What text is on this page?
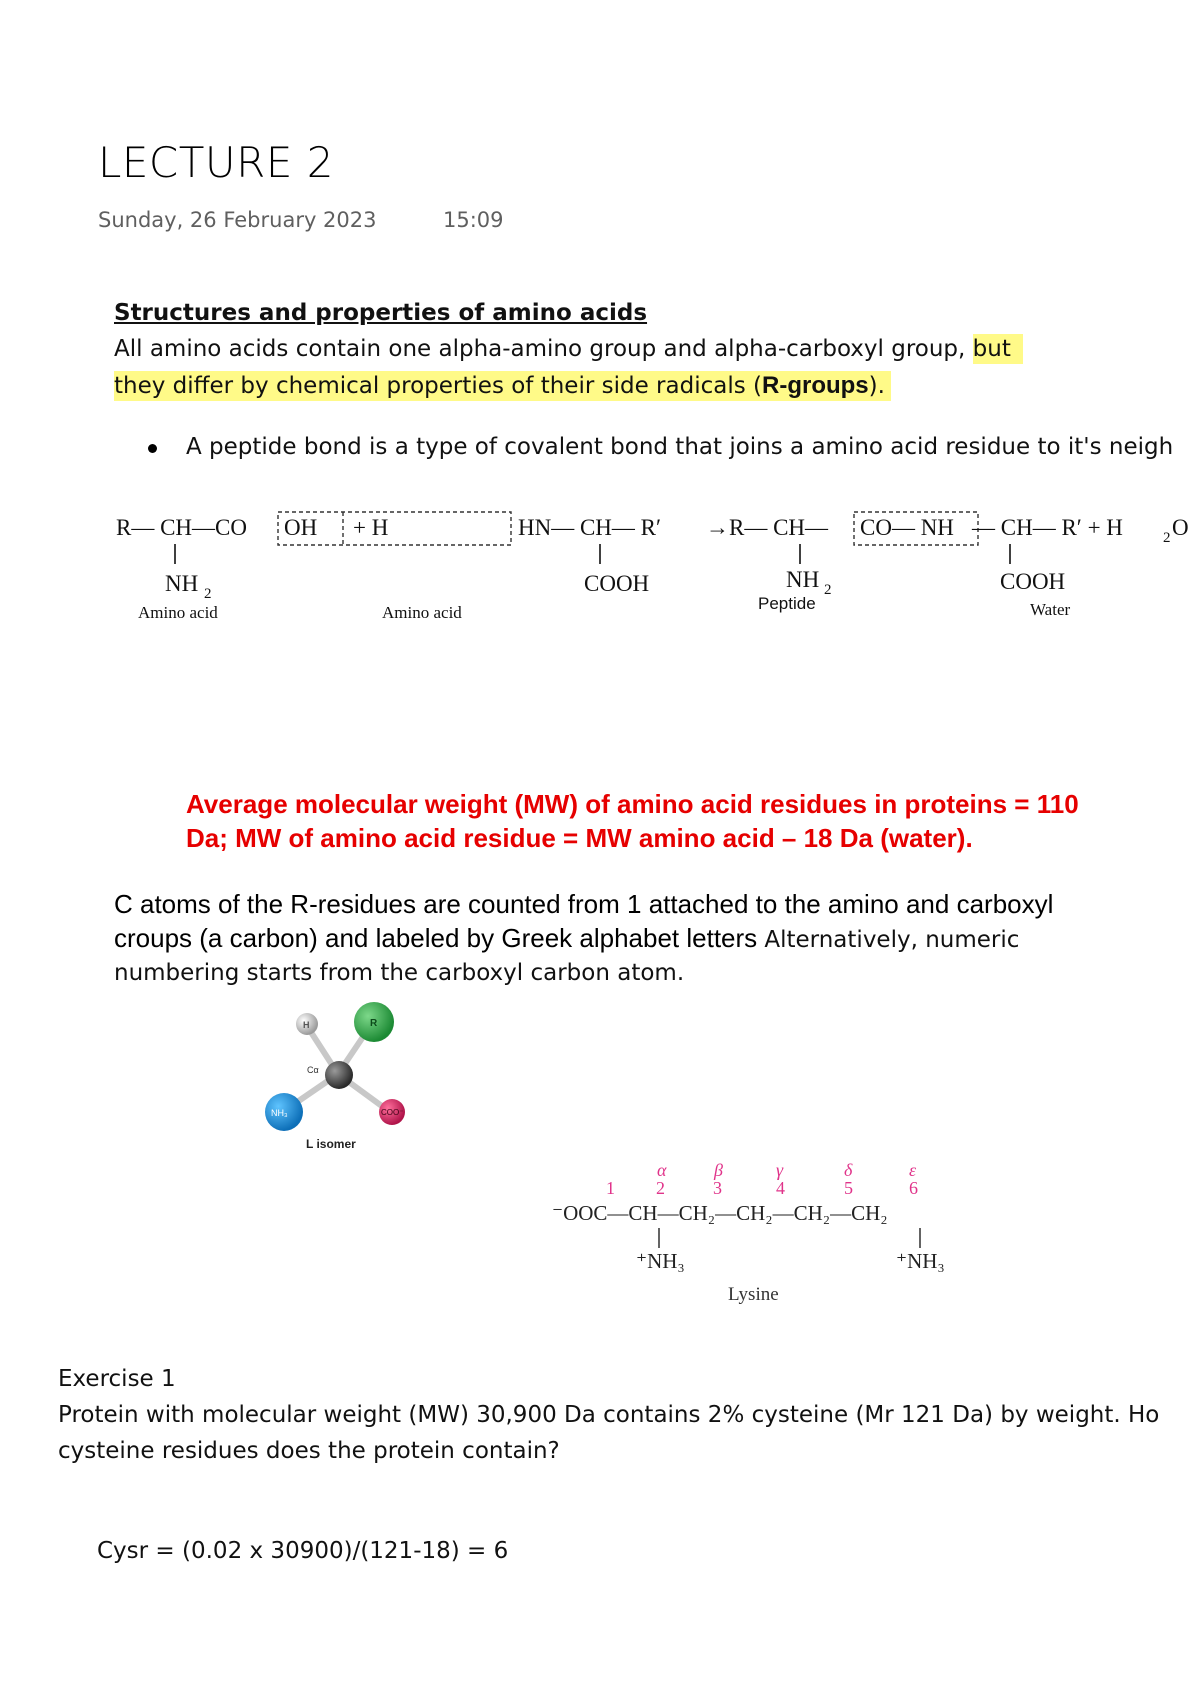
LECTURE 2
Sunday, 26 February 2023	15:09
Structures and properties of amino acids
All amino acids contain one alpha-amino group and alpha-carboxyl group, but
they differ by chemical properties of their side radicals (R-groups).
A peptide bond is a type of covalent bond that joins a amino acid residue to it's neigh
R— CH—CO OH + H	HN— CH— R′ →R— CH— CO— NH — CH— R′ + H	2 O
NH 2	COOH	NH 2	COOH
Amino acid	Amino acid	Peptide	Water
Average molecular weight (MW) of amino acid residues in proteins = 110
Da; MW of amino acid residue = MW amino acid – 18 Da (water).
C atoms of the R-residues are counted from 1 attached to the amino and carboxyl
croups (a carbon) and labeled by Greek alphabet letters Alternatively, numeric
numbering starts from the carboxyl carbon atom.
H	R
NH₃	COO⁻
Cα
L isomer
α	β	γ	δ	ε
1 2	3	4	5	6
⁻OOC—CH—CH₂—CH₂—CH₂—CH₂
⁺NH₃	⁺NH₃
Lysine
Exercise 1
Protein with molecular weight (MW) 30,900 Da contains 2% cysteine (Mr 121 Da) by weight. Ho
cysteine residues does the protein contain?
Cysr = (0.02 x 30900)/(121-18) = 6
